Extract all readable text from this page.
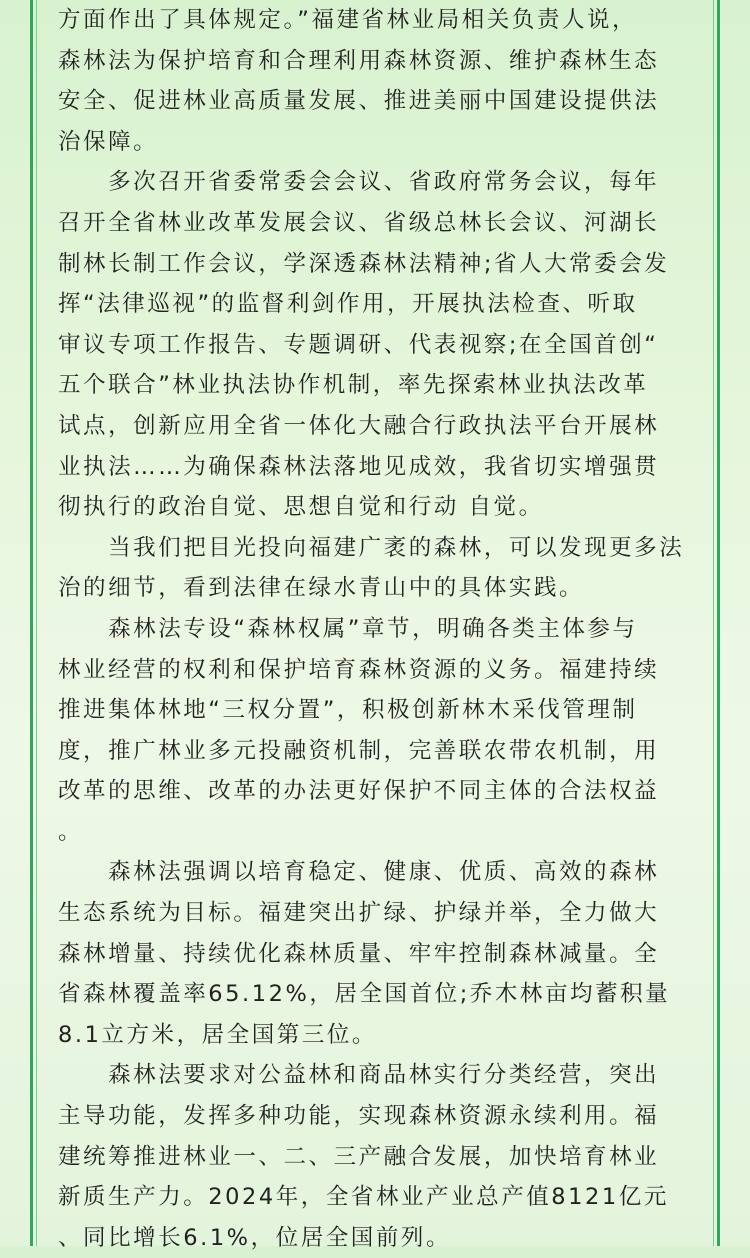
方面作出了具体规定。”福建省林业局相关负责人说，
森林法为保护培育和合理利用森林资源、维护森林生态
安全、促进林业高质量发展、推进美丽中国建设提供法
治保障。
　　多次召开省委常委会会议、省政府常务会议，每年
召开全省林业改革发展会议、省级总林长会议、河湖长
制林长制工作会议，学深透森林法精神;省人大常委会发
挥“法律巡视”的监督利剑作用，开展执法检查、听取
审议专项工作报告、专题调研、代表视察;在全国首创“
五个联合”林业执法协作机制，率先探索林业执法改革
试点，创新应用全省一体化大融合行政执法平台开展林
业执法……为确保森林法落地见成效，我省切实增强贯
彻执行的政治自觉、思想自觉和行动 自觉。
　　当我们把目光投向福建广袤的森林，可以发现更多法
治的细节，看到法律在绿水青山中的具体实践。
　　森林法专设“森林权属”章节，明确各类主体参与
林业经营的权利和保护培育森林资源的义务。福建持续
推进集体林地“三权分置”，积极创新林木采伐管理制
度，推广林业多元投融资机制，完善联农带农机制，用
改革的思维、改革的办法更好保护不同主体的合法权益
。
　　森林法强调以培育稳定、健康、优质、高效的森林
生态系统为目标。福建突出扩绿、护绿并举，全力做大
森林增量、持续优化森林质量、牢牢控制森林减量。全
省森林覆盖率65.12%，居全国首位;乔木林亩均蓄积量
8.1立方米，居全国第三位。
　　森林法要求对公益林和商品林实行分类经营，突出
主导功能，发挥多种功能，实现森林资源永续利用。福
建统筹推进林业一、二、三产融合发展，加快培育林业
新质生产力。2024年，全省林业产业总产值8121亿元
、同比增长6.1%，位居全国前列。
